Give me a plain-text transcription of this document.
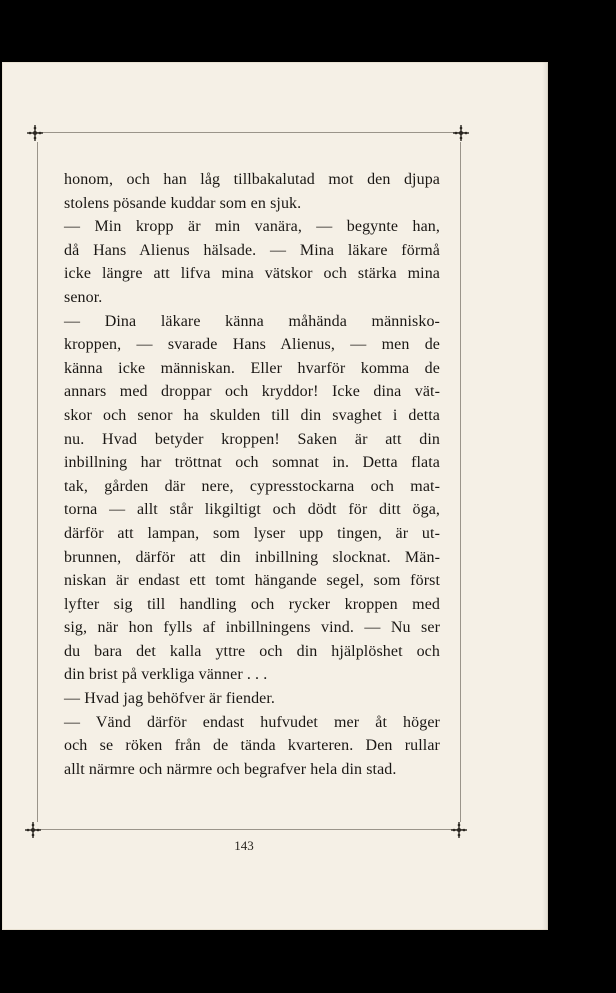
honom, och han låg tillbakalutad mot den djupa
stolens pösande kuddar som en sjuk.
— Min kropp är min vanära, — begynte han,
då Hans Alienus hälsade. — Mina läkare förmå
icke längre att lifva mina vätskor och stärka mina
senor.
— Dina läkare känna måhända människo-
kroppen, — svarade Hans Alienus, — men de
känna icke människan. Eller hvarför komma de
annars med droppar och kryddor! Icke dina vät-
skor och senor ha skulden till din svaghet i detta
nu. Hvad betyder kroppen! Saken är att din
inbillning har tröttnat och somnat in. Detta flata
tak, gården där nere, cypresstockarna och mat-
torna — allt står likgiltigt och dödt för ditt öga,
därför att lampan, som lyser upp tingen, är ut-
brunnen, därför att din inbillning slocknat. Män-
niskan är endast ett tomt hängande segel, som först
lyfter sig till handling och rycker kroppen med
sig, när hon fylls af inbillningens vind. — Nu ser
du bara det kalla yttre och din hjälplöshet och
din brist på verkliga vänner . . .
— Hvad jag behöfver är fiender.
— Vänd därför endast hufvudet mer åt höger
och se röken från de tända kvarteren. Den rullar
allt närmre och närmre och begrafver hela din stad.
143
